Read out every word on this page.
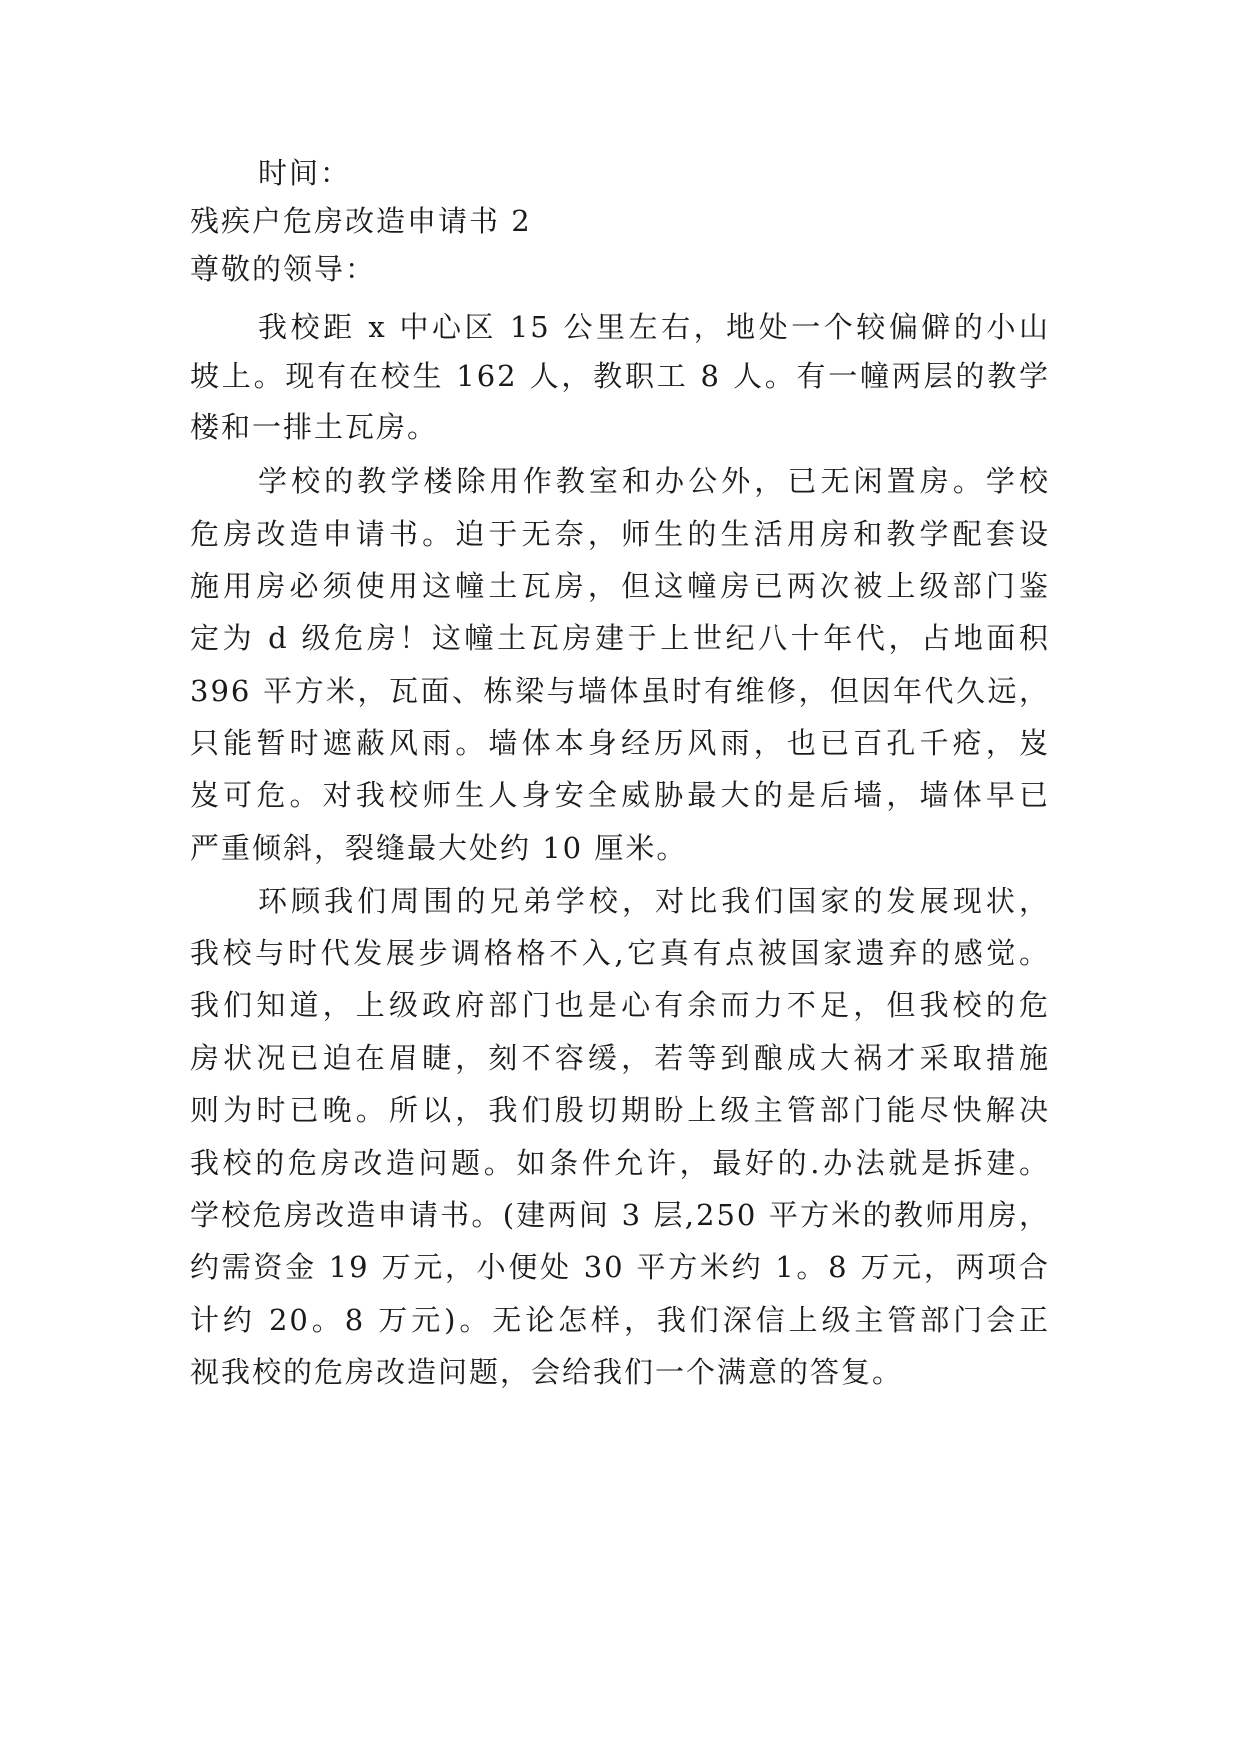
时间：
残疾户危房改造申请书 2
尊敬的领导：
我校距 x 中心区 15 公里左右，地处一个较偏僻的小山
坡上。现有在校生 162 人，教职工 8 人。有一幢两层的教学
楼和一排土瓦房。
学校的教学楼除用作教室和办公外，已无闲置房。学校
危房改造申请书。迫于无奈，师生的生活用房和教学配套设
施用房必须使用这幢土瓦房，但这幢房已两次被上级部门鉴
定为 d 级危房！这幢土瓦房建于上世纪八十年代，占地面积
396 平方米，瓦面、栋梁与墙体虽时有维修，但因年代久远，
只能暂时遮蔽风雨。墙体本身经历风雨，也已百孔千疮，岌
岌可危。对我校师生人身安全威胁最大的是后墙，墙体早已
严重倾斜，裂缝最大处约 10 厘米。
环顾我们周围的兄弟学校，对比我们国家的发展现状，
我校与时代发展步调格格不入,它真有点被国家遗弃的感觉。
我们知道，上级政府部门也是心有余而力不足，但我校的危
房状况已迫在眉睫，刻不容缓，若等到酿成大祸才采取措施
则为时已晚。所以，我们殷切期盼上级主管部门能尽快解决
我校的危房改造问题。如条件允许，最好的.办法就是拆建。
学校危房改造申请书。(建两间 3 层,250 平方米的教师用房，
约需资金 19 万元，小便处 30 平方米约 1。8 万元，两项合
计约 20。8 万元)。无论怎样，我们深信上级主管部门会正
视我校的危房改造问题，会给我们一个满意的答复。
